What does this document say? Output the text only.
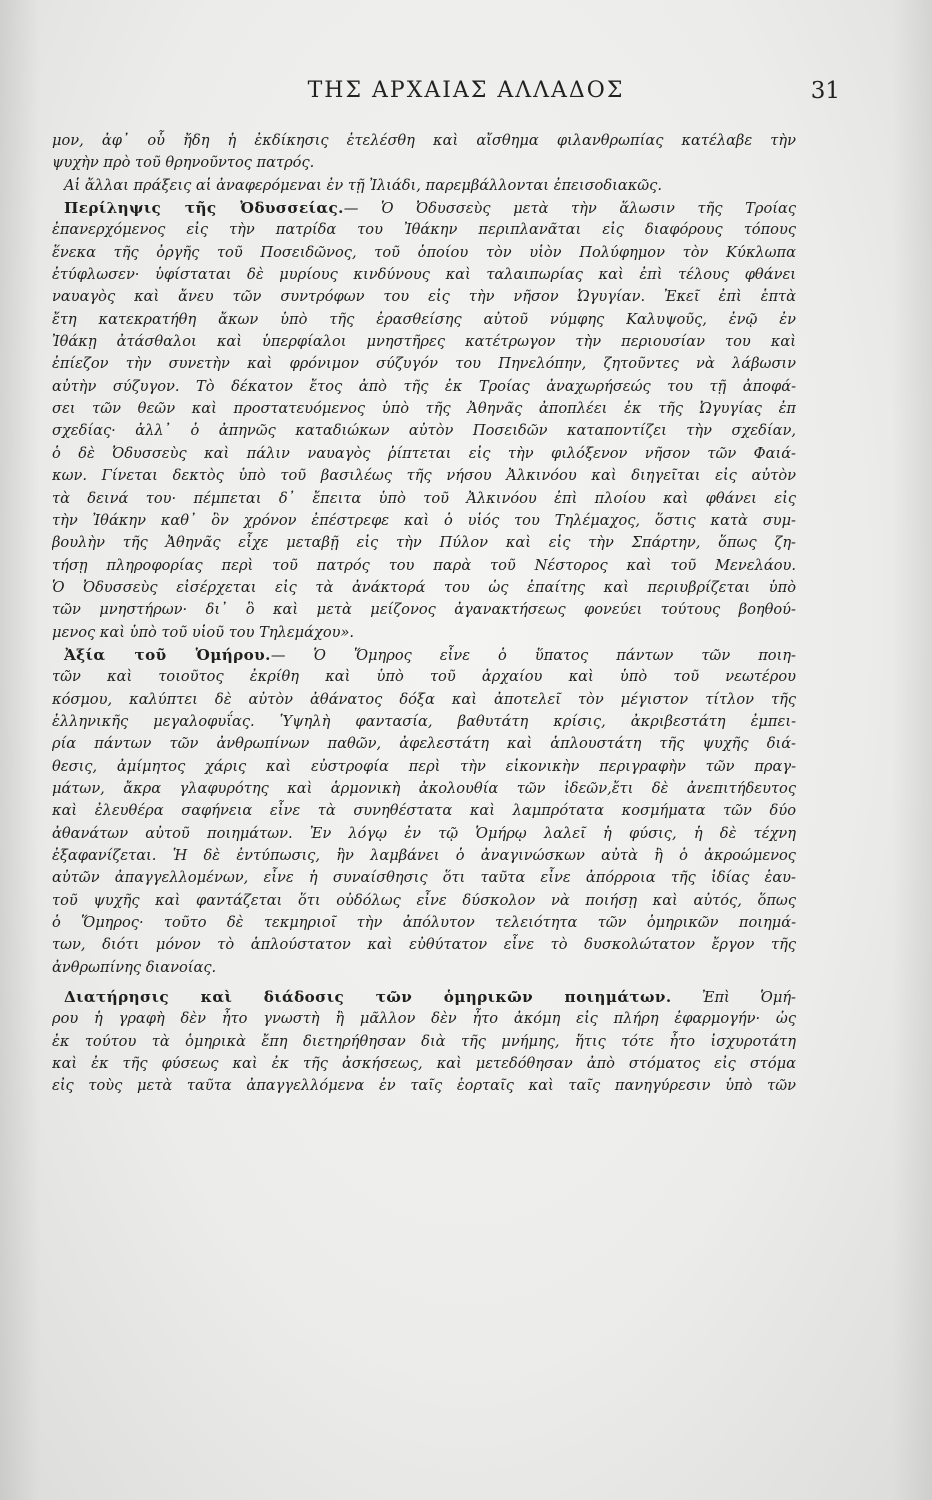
ΤΗΣ ΑΡΧΑΙΑΣ ΑΛΛΑΔΟΣ	31
μον, ἀφ᾽ οὗ ἤδη ἡ ἐκδίκησις ἐτελέσθη καὶ αἴσθημα φιλανθρωπίας κατέλαβε τὴν
ψυχὴν πρὸ τοῦ θρηνοῦντος πατρός.
Αἱ ἄλλαι πράξεις αἱ ἀναφερόμεναι ἐν τῇ Ἰλιάδι, παρεμβάλλονται ἐπεισοδιακῶς.
Περίληψις τῆς Ὀδυσσείας.— Ὁ Ὀδυσσεὺς μετὰ τὴν ἅλωσιν τῆς Τροίας
ἐπανερχόμενος εἰς τὴν πατρίδα του Ἰθάκην περιπλανᾶται εἰς διαφόρους τόπους
ἕνεκα τῆς ὀργῆς τοῦ Ποσειδῶνος, τοῦ ὁποίου τὸν υἱὸν Πολύφημον τὸν Κύκλωπα
ἐτύφλωσεν· ὑφίσταται δὲ μυρίους κινδύνους καὶ ταλαιπωρίας καὶ ἐπὶ τέλους φθάνει
ναυαγὸς καὶ ἄνευ τῶν συντρόφων του εἰς τὴν νῆσον Ὠγυγίαν. Ἐκεῖ ἐπὶ ἑπτὰ
ἔτη κατεκρατήθη ἄκων ὑπὸ τῆς ἐρασθείσης αὐτοῦ νύμφης Καλυψοῦς, ἐνῷ ἐν
Ἰθάκῃ ἀτάσθαλοι καὶ ὑπερφίαλοι μνηστῆρες κατέτρωγον τὴν περιουσίαν του καὶ
ἐπίεζον τὴν συνετὴν καὶ φρόνιμον σύζυγόν του Πηνελόπην, ζητοῦντες νὰ λάβωσιν
αὐτὴν σύζυγον. Τὸ δέκατον ἔτος ἀπὸ τῆς ἐκ Τροίας ἀναχωρήσεώς του τῇ ἀποφά-
σει τῶν θεῶν καὶ προστατευόμενος ὑπὸ τῆς Ἀθηνᾶς ἀποπλέει ἐκ τῆς Ὠγυγίας ἐπ
σχεδίας· ἀλλ᾽ ὁ ἀπηνῶς καταδιώκων αὐτὸν Ποσειδῶν καταποντίζει τὴν σχεδίαν,
ὁ δὲ Ὀδυσσεὺς καὶ πάλιν ναυαγὸς ῥίπτεται εἰς τὴν φιλόξενον νῆσον τῶν Φαιά-
κων. Γίνεται δεκτὸς ὑπὸ τοῦ βασιλέως τῆς νήσου Ἀλκινόου καὶ διηγεῖται εἰς αὐτὸν
τὰ δεινά του· πέμπεται δ᾽ ἔπειτα ὑπὸ τοῦ Ἀλκινόου ἐπὶ πλοίου καὶ φθάνει εἰς
τὴν Ἰθάκην καθ᾽ ὃν χρόνον ἐπέστρεφε καὶ ὁ υἱός του Τηλέμαχος, ὅστις κατὰ συμ-
βουλὴν τῆς Ἀθηνᾶς εἶχε μεταβῇ εἰς τὴν Πύλον καὶ εἰς τὴν Σπάρτην, ὅπως ζη-
τήσῃ πληροφορίας περὶ τοῦ πατρός του παρὰ τοῦ Νέστορος καὶ τοῦ Μενελάου.
Ὁ Ὀδυσσεὺς εἰσέρχεται εἰς τὰ ἀνάκτορά του ὡς ἐπαίτης καὶ περιυβρίζεται ὑπὸ
τῶν μνηστήρων· δι᾽ ὃ καὶ μετὰ μείζονος ἀγανακτήσεως φονεύει τούτους βοηθού-
μενος καὶ ὑπὸ τοῦ υἱοῦ του Τηλεμάχου».
Ἀξία τοῦ Ὁμήρου.— Ὁ Ὅμηρος εἶνε ὁ ὕπατος πάντων τῶν ποιη-
τῶν καὶ τοιοῦτος ἐκρίθη καὶ ὑπὸ τοῦ ἀρχαίου καὶ ὑπὸ τοῦ νεωτέρου
κόσμου, καλύπτει δὲ αὐτὸν ἀθάνατος δόξα καὶ ἀποτελεῖ τὸν μέγιστον τίτλον τῆς
ἑλληνικῆς μεγαλοφυΐας. Ὑψηλὴ φαντασία, βαθυτάτη κρίσις, ἀκριβεστάτη ἐμπει-
ρία πάντων τῶν ἀνθρωπίνων παθῶν, ἀφελεστάτη καὶ ἁπλουστάτη τῆς ψυχῆς διά-
θεσις, ἀμίμητος χάρις καὶ εὐστροφία περὶ τὴν εἰκονικὴν περιγραφὴν τῶν πραγ-
μάτων, ἄκρα γλαφυρότης καὶ ἁρμονικὴ ἀκολουθία τῶν ἰδεῶν,ἔτι δὲ ἀνεπιτήδευτος
καὶ ἐλευθέρα σαφήνεια εἶνε τὰ συνηθέστατα καὶ λαμπρότατα κοσμήματα τῶν δύο
ἀθανάτων αὐτοῦ ποιημάτων. Ἐν λόγῳ ἐν τῷ Ὁμήρῳ λαλεῖ ἡ φύσις, ἡ δὲ τέχνη
ἐξαφανίζεται. Ἡ δὲ ἐντύπωσις, ἣν λαμβάνει ὁ ἀναγινώσκων αὐτὰ ἢ ὁ ἀκροώμενος
αὐτῶν ἀπαγγελλομένων, εἶνε ἡ συναίσθησις ὅτι ταῦτα εἶνε ἀπόρροια τῆς ἰδίας ἑαυ-
τοῦ ψυχῆς καὶ φαντάζεται ὅτι οὐδόλως εἶνε δύσκολον νὰ ποιήσῃ καὶ αὐτός, ὅπως
ὁ Ὅμηρος· τοῦτο δὲ τεκμηριοῖ τὴν ἀπόλυτον τελειότητα τῶν ὁμηρικῶν ποιημά-
των, διότι μόνον τὸ ἁπλούστατον καὶ εὐθύτατον εἶνε τὸ δυσκολώτατον ἔργον τῆς
ἀνθρωπίνης διανοίας.
Διατήρησις καὶ διάδοσις τῶν ὁμηρικῶν ποιημάτων. Ἐπὶ Ὁμή-
ρου ἡ γραφὴ δὲν ἦτο γνωστὴ ἢ μᾶλλον δὲν ἦτο ἀκόμη εἰς πλήρη ἐφαρμογήν· ὡς
ἐκ τούτου τὰ ὁμηρικὰ ἔπη διετηρήθησαν διὰ τῆς μνήμης, ἥτις τότε ἦτο ἰσχυροτάτη
καὶ ἐκ τῆς φύσεως καὶ ἐκ τῆς ἀσκήσεως, καὶ μετεδόθησαν ἀπὸ στόματος εἰς στόμα
εἰς τοὺς μετὰ ταῦτα ἀπαγγελλόμενα ἐν ταῖς ἑορταῖς καὶ ταῖς πανηγύρεσιν ὑπὸ τῶν
